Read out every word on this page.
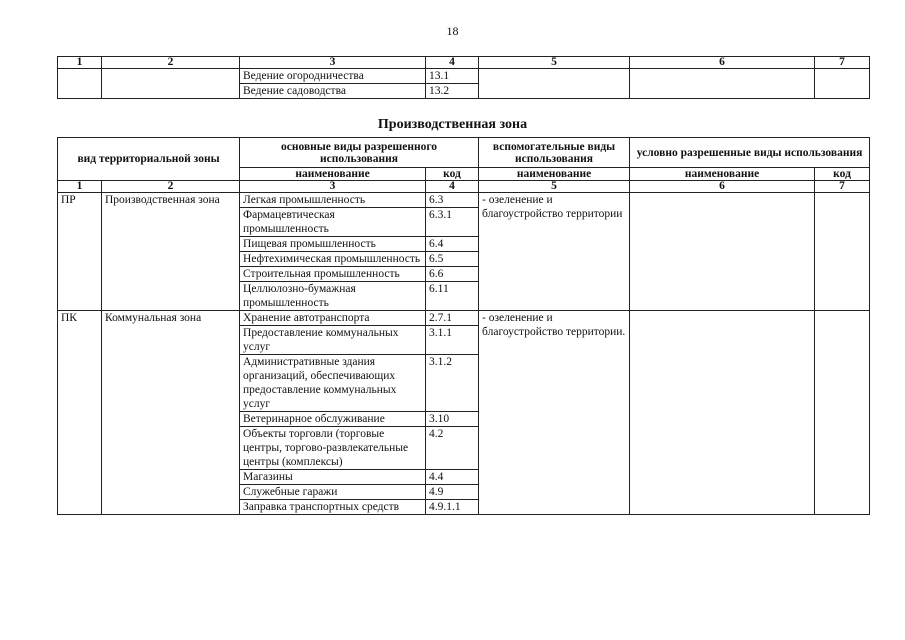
18
1	2	3	4	5	6	7
		Ведение огородничества	13.1			
		Ведение садоводства	13.2			
Производственная зона
вид территориальной зоны		основные виды разрешенного использования		вспомогательные виды использования	условно разрешенные виды использования	
		наименование	код	наименование	наименование	код
1	2	3	4	5	6	7
ПР	Производственная зона	Легкая промышленность	6.3	- озеленение и благоустройство территории		
		Фармацевтическая промышленность	6.3.1			
		Пищевая промышленность	6.4			
		Нефтехимическая промышленность	6.5			
		Строительная промышленность	6.6			
		Целлюлозно-бумажная промышленность	6.11			
ПК	Коммунальная зона	Хранение автотранспорта	2.7.1	- озеленение и благоустройство территории.		
		Предоставление коммунальных услуг	3.1.1			
		Административные здания организаций, обеспечивающих предоставление коммунальных услуг	3.1.2			
		Ветеринарное обслуживание	3.10			
		Объекты торговли (торговые центры, торгово-развлекательные центры (комплексы)	4.2			
		Магазины	4.4			
		Служебные гаражи	4.9			
		Заправка транспортных средств	4.9.1.1			
